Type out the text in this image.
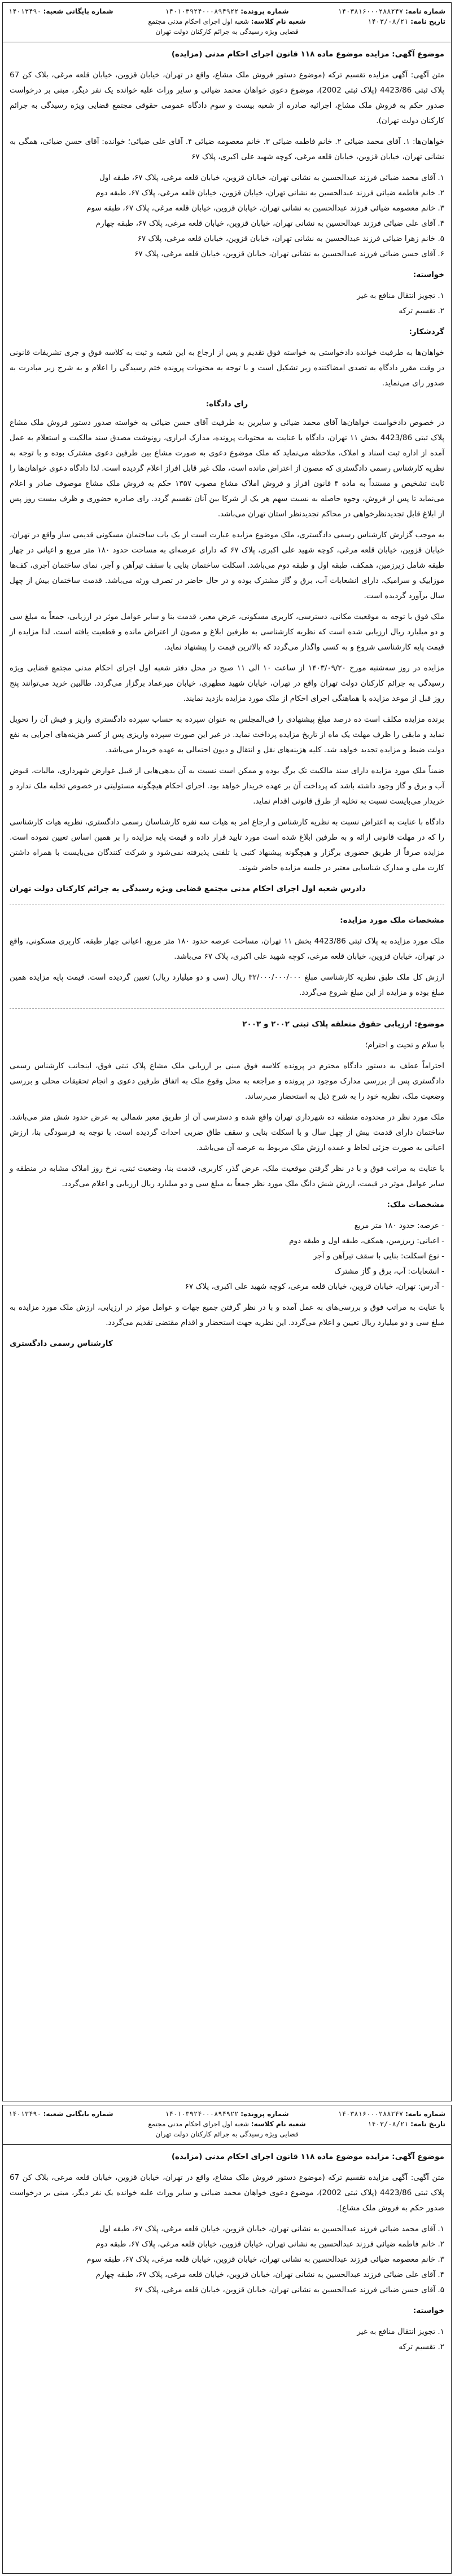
شماره نامه: ۱۴۰۳۸۱۶۰۰۰۲۸۸۲۴۷
تاریخ نامه: ۱۴۰۳/۰۸/۲۱
شماره پرونده: ۱۴۰۱۰۳۹۲۴۰۰۰۸۹۴۹۲۲
شعبه نام کلاسه: شعبه اول اجرای احکام مدنی مجتمع قضایی ویژه رسیدگی به جرائم کارکنان دولت تهران
شماره بایگانی شعبه: ۱۴۰۱۳۴۹۰

موضوع آگهی: مزایده موضوع ماده ۱۱۸ قانون اجرای احکام مدنی (مزایده)

متن آگهی: آگهی مزایده تقسیم ترکه (موضوع دستور فروش ملک مشاع، واقع در تهران، خیابان قزوین، خیابان قلعه مرغی، بلاک کن 67 پلاک ثبتی 4423/86 (پلاک ثبتی 2002)، موضوع دعوی خواهان محمد ضیائی و سایر وراث علیه خوانده یک نفر دیگر، مبنی بر درخواست صدور حکم به فروش ملک مشاع، اجرائیه صادره از شعبه بیست و سوم دادگاه عمومی حقوقی مجتمع قضایی ویژه رسیدگی به جرائم کارکنان دولت تهران).

خواهان‌ها: ۱. آقای محمد ضیائی ۲. خانم فاطمه ضیائی ۳. خانم معصومه ضیائی ۴. آقای علی ضیائی؛ خوانده: آقای حسن ضیائی، همگی به نشانی تهران، خیابان قزوین، خیابان قلعه مرغی، کوچه شهید علی اکبری، پلاک ۶۷

۱. آقای محمد ضیائی فرزند عبدالحسین به نشانی تهران، خیابان قزوین، خیابان قلعه مرغی، پلاک ۶۷، طبقه اول
۲. خانم فاطمه ضیائی فرزند عبدالحسین به نشانی تهران، خیابان قزوین، خیابان قلعه مرغی، پلاک ۶۷، طبقه دوم
۳. خانم معصومه ضیائی فرزند عبدالحسین به نشانی تهران، خیابان قزوین، خیابان قلعه مرغی، پلاک ۶۷، طبقه سوم
۴. آقای علی ضیائی فرزند عبدالحسین به نشانی تهران، خیابان قزوین، خیابان قلعه مرغی، پلاک ۶۷، طبقه چهارم
۵. خانم زهرا ضیائی فرزند عبدالحسین به نشانی تهران، خیابان قزوین، خیابان قلعه مرغی، پلاک ۶۷
۶. آقای حسن ضیائی فرزند عبدالحسین به نشانی تهران، خیابان قزوین، خیابان قلعه مرغی، پلاک ۶۷

خواسته:

۱. تجویز انتقال منافع به غیر
۲. تقسیم ترکه

گردشکار:

خواهان‌ها به طرفیت خوانده دادخواستی به خواسته فوق تقدیم و پس از ارجاع به این شعبه و ثبت به کلاسه فوق و جری تشریفات قانونی در وقت مقرر دادگاه به تصدی امضاکننده زیر تشکیل است و با توجه به محتویات پرونده ختم رسیدگی را اعلام و به شرح زیر مبادرت به صدور رای می‌نماید.

رای دادگاه:

در خصوص دادخواست خواهان‌ها آقای محمد ضیائی و سایرین به طرفیت آقای حسن ضیائی به خواسته صدور دستور فروش ملک مشاع پلاک ثبتی 4423/86 بخش ۱۱ تهران، دادگاه با عنایت به محتویات پرونده، مدارک ابرازی، رونوشت مصدق سند مالکیت و استعلام به عمل آمده از اداره ثبت اسناد و املاک، ملاحظه می‌نماید که ملک موضوع دعوی به صورت مشاع بین طرفین دعوی مشترک بوده و با توجه به نظریه کارشناس رسمی دادگستری که مصون از اعتراض مانده است، ملک غیر قابل افراز اعلام گردیده است. لذا دادگاه دعوی خواهان‌ها را ثابت تشخیص و مستنداً به ماده ۴ قانون افراز و فروش املاک مشاع مصوب ۱۳۵۷ حکم به فروش ملک مشاع موصوف صادر و اعلام می‌نماید تا پس از فروش، وجوه حاصله به نسبت سهم هر یک از شرکا بین آنان تقسیم گردد. رای صادره حضوری و ظرف بیست روز پس از ابلاغ قابل تجدیدنظرخواهی در محاکم تجدیدنظر استان تهران می‌باشد.

به موجب گزارش کارشناس رسمی دادگستری، ملک موضوع مزایده عبارت است از یک باب ساختمان مسکونی قدیمی ساز واقع در تهران، خیابان قزوین، خیابان قلعه مرغی، کوچه شهید علی اکبری، پلاک ۶۷ که دارای عرصه‌ای به مساحت حدود ۱۸۰ متر مربع و اعیانی در چهار طبقه شامل زیرزمین، همکف، طبقه اول و طبقه دوم می‌باشد. اسکلت ساختمان بنایی با سقف تیرآهن و آجر، نمای ساختمان آجری، کف‌ها موزاییک و سرامیک، دارای انشعابات آب، برق و گاز مشترک بوده و در حال حاضر در تصرف ورثه می‌باشد. قدمت ساختمان بیش از چهل سال برآورد گردیده است.

ملک فوق با توجه به موقعیت مکانی، دسترسی، کاربری مسکونی، عرض معبر، قدمت بنا و سایر عوامل موثر در ارزیابی، جمعاً به مبلغ سی و دو میلیارد ریال ارزیابی شده است که نظریه کارشناسی به طرفین ابلاغ و مصون از اعتراض مانده و قطعیت یافته است. لذا مزایده از قیمت پایه کارشناسی شروع و به کسی واگذار می‌گردد که بالاترین قیمت را پیشنهاد نماید.

مزایده در روز سه‌شنبه مورخ ۱۴۰۳/۰۹/۲۰ از ساعت ۱۰ الی ۱۱ صبح در محل دفتر شعبه اول اجرای احکام مدنی مجتمع قضایی ویژه رسیدگی به جرائم کارکنان دولت تهران واقع در تهران، خیابان شهید مطهری، خیابان میرعماد برگزار می‌گردد. طالبین خرید می‌توانند پنج روز قبل از موعد مزایده با هماهنگی اجرای احکام از ملک مورد مزایده بازدید نمایند.

برنده مزایده مکلف است ده درصد مبلغ پیشنهادی را فی‌المجلس به عنوان سپرده به حساب سپرده دادگستری واریز و فیش آن را تحویل نماید و مابقی را ظرف مهلت یک ماه از تاریخ مزایده پرداخت نماید. در غیر این صورت سپرده واریزی پس از کسر هزینه‌های اجرایی به نفع دولت ضبط و مزایده تجدید خواهد شد. کلیه هزینه‌های نقل و انتقال و دیون احتمالی به عهده خریدار می‌باشد.

ضمناً ملک مورد مزایده دارای سند مالکیت تک برگ بوده و ممکن است نسبت به آن بدهی‌هایی از قبیل عوارض شهرداری، مالیات، قبوض آب و برق و گاز وجود داشته باشد که پرداخت آن بر عهده خریدار خواهد بود. اجرای احکام هیچگونه مسئولیتی در خصوص تخلیه ملک ندارد و خریدار می‌بایست نسبت به تخلیه از طرق قانونی اقدام نماید.

دادگاه با عنایت به اعتراض نسبت به نظریه کارشناس و ارجاع امر به هیات سه نفره کارشناسان رسمی دادگستری، نظریه هیات کارشناسی را که در مهلت قانونی ارائه و به طرفین ابلاغ شده است مورد تایید قرار داده و قیمت پایه مزایده را بر همین اساس تعیین نموده است. مزایده صرفاً از طریق حضوری برگزار و هیچگونه پیشنهاد کتبی یا تلفنی پذیرفته نمی‌شود و شرکت کنندگان می‌بایست با همراه داشتن کارت ملی و مدارک شناسایی معتبر در جلسه مزایده حاضر شوند.

دادرس شعبه اول اجرای احکام مدنی مجتمع قضایی ویژه رسیدگی به جرائم کارکنان دولت تهران

مشخصات ملک مورد مزایده:

ملک مورد مزایده به پلاک ثبتی 4423/86 بخش ۱۱ تهران، مساحت عرصه حدود ۱۸۰ متر مربع، اعیانی چهار طبقه، کاربری مسکونی، واقع در تهران، خیابان قزوین، خیابان قلعه مرغی، کوچه شهید علی اکبری، پلاک ۶۷ می‌باشد.

ارزش کل ملک طبق نظریه کارشناسی مبلغ ۳۲/۰۰۰/۰۰۰/۰۰۰ ریال (سی و دو میلیارد ریال) تعیین گردیده است. قیمت پایه مزایده همین مبلغ بوده و مزایده از این مبلغ شروع می‌گردد.

موضوع: ارزیابی حقوق متعلقه پلاک ثبتی ۲۰۰۲ و ۲۰۰۳

با سلام و تحیت و احترام؛

احتراماً عطف به دستور دادگاه محترم در پرونده کلاسه فوق مبنی بر ارزیابی ملک مشاع پلاک ثبتی فوق، اینجانب کارشناس رسمی دادگستری پس از بررسی مدارک موجود در پرونده و مراجعه به محل وقوع ملک به اتفاق طرفین دعوی و انجام تحقیقات محلی و بررسی وضعیت ملک، نظریه خود را به شرح ذیل به استحضار می‌رساند.

ملک مورد نظر در محدوده منطقه ده شهرداری تهران واقع شده و دسترسی آن از طریق معبر شمالی به عرض حدود شش متر می‌باشد. ساختمان دارای قدمت بیش از چهل سال و با اسکلت بنایی و سقف طاق ضربی احداث گردیده است. با توجه به فرسودگی بنا، ارزش اعیانی به صورت جزئی لحاظ و عمده ارزش ملک مربوط به عرصه آن می‌باشد.

با عنایت به مراتب فوق و با در نظر گرفتن موقعیت ملک، عرض گذر، کاربری، قدمت بنا، وضعیت ثبتی، نرخ روز املاک مشابه در منطقه و سایر عوامل موثر در قیمت، ارزش شش دانگ ملک مورد نظر جمعاً به مبلغ سی و دو میلیارد ریال ارزیابی و اعلام می‌گردد.

مشخصات ملک:

- عرصه: حدود ۱۸۰ متر مربع
- اعیانی: زیرزمین، همکف، طبقه اول و طبقه دوم
- نوع اسکلت: بنایی با سقف تیرآهن و آجر
- انشعابات: آب، برق و گاز مشترک
- آدرس: تهران، خیابان قزوین، خیابان قلعه مرغی، کوچه شهید علی اکبری، پلاک ۶۷

با عنایت به مراتب فوق و بررسی‌های به عمل آمده و با در نظر گرفتن جمیع جهات و عوامل موثر در ارزیابی، ارزش ملک مورد مزایده به مبلغ سی و دو میلیارد ریال تعیین و اعلام می‌گردد. این نظریه جهت استحضار و اقدام مقتضی تقدیم می‌گردد.

کارشناس رسمی دادگستری
شماره نامه: ۱۴۰۳۸۱۶۰۰۰۲۸۸۲۴۷
تاریخ نامه: ۱۴۰۳/۰۸/۲۱
شماره پرونده: ۱۴۰۱۰۳۹۲۴۰۰۰۸۹۴۹۲۲
شعبه نام کلاسه: شعبه اول اجرای احکام مدنی مجتمع قضایی ویژه رسیدگی به جرائم کارکنان دولت تهران
شماره بایگانی شعبه: ۱۴۰۱۳۴۹۰

موضوع آگهی: مزایده موضوع ماده ۱۱۸ قانون اجرای احکام مدنی (مزایده)

متن آگهی: آگهی مزایده تقسیم ترکه (موضوع دستور فروش ملک مشاع، واقع در تهران، خیابان قزوین، خیابان قلعه مرغی، بلاک کن 67 پلاک ثبتی 4423/86 (پلاک ثبتی 2002)، موضوع دعوی خواهان محمد ضیائی و سایر وراث علیه خوانده یک نفر دیگر، مبنی بر درخواست صدور حکم به فروش ملک مشاع).

۱. آقای محمد ضیائی فرزند عبدالحسین به نشانی تهران، خیابان قزوین، خیابان قلعه مرغی، پلاک ۶۷، طبقه اول
۲. خانم فاطمه ضیائی فرزند عبدالحسین به نشانی تهران، خیابان قزوین، خیابان قلعه مرغی، پلاک ۶۷، طبقه دوم
۳. خانم معصومه ضیائی فرزند عبدالحسین به نشانی تهران، خیابان قزوین، خیابان قلعه مرغی، پلاک ۶۷، طبقه سوم
۴. آقای علی ضیائی فرزند عبدالحسین به نشانی تهران، خیابان قزوین، خیابان قلعه مرغی، پلاک ۶۷، طبقه چهارم
۵. آقای حسن ضیائی فرزند عبدالحسین به نشانی تهران، خیابان قزوین، خیابان قلعه مرغی، پلاک ۶۷

خواسته:

۱. تجویز انتقال منافع به غیر
۲. تقسیم ترکه
